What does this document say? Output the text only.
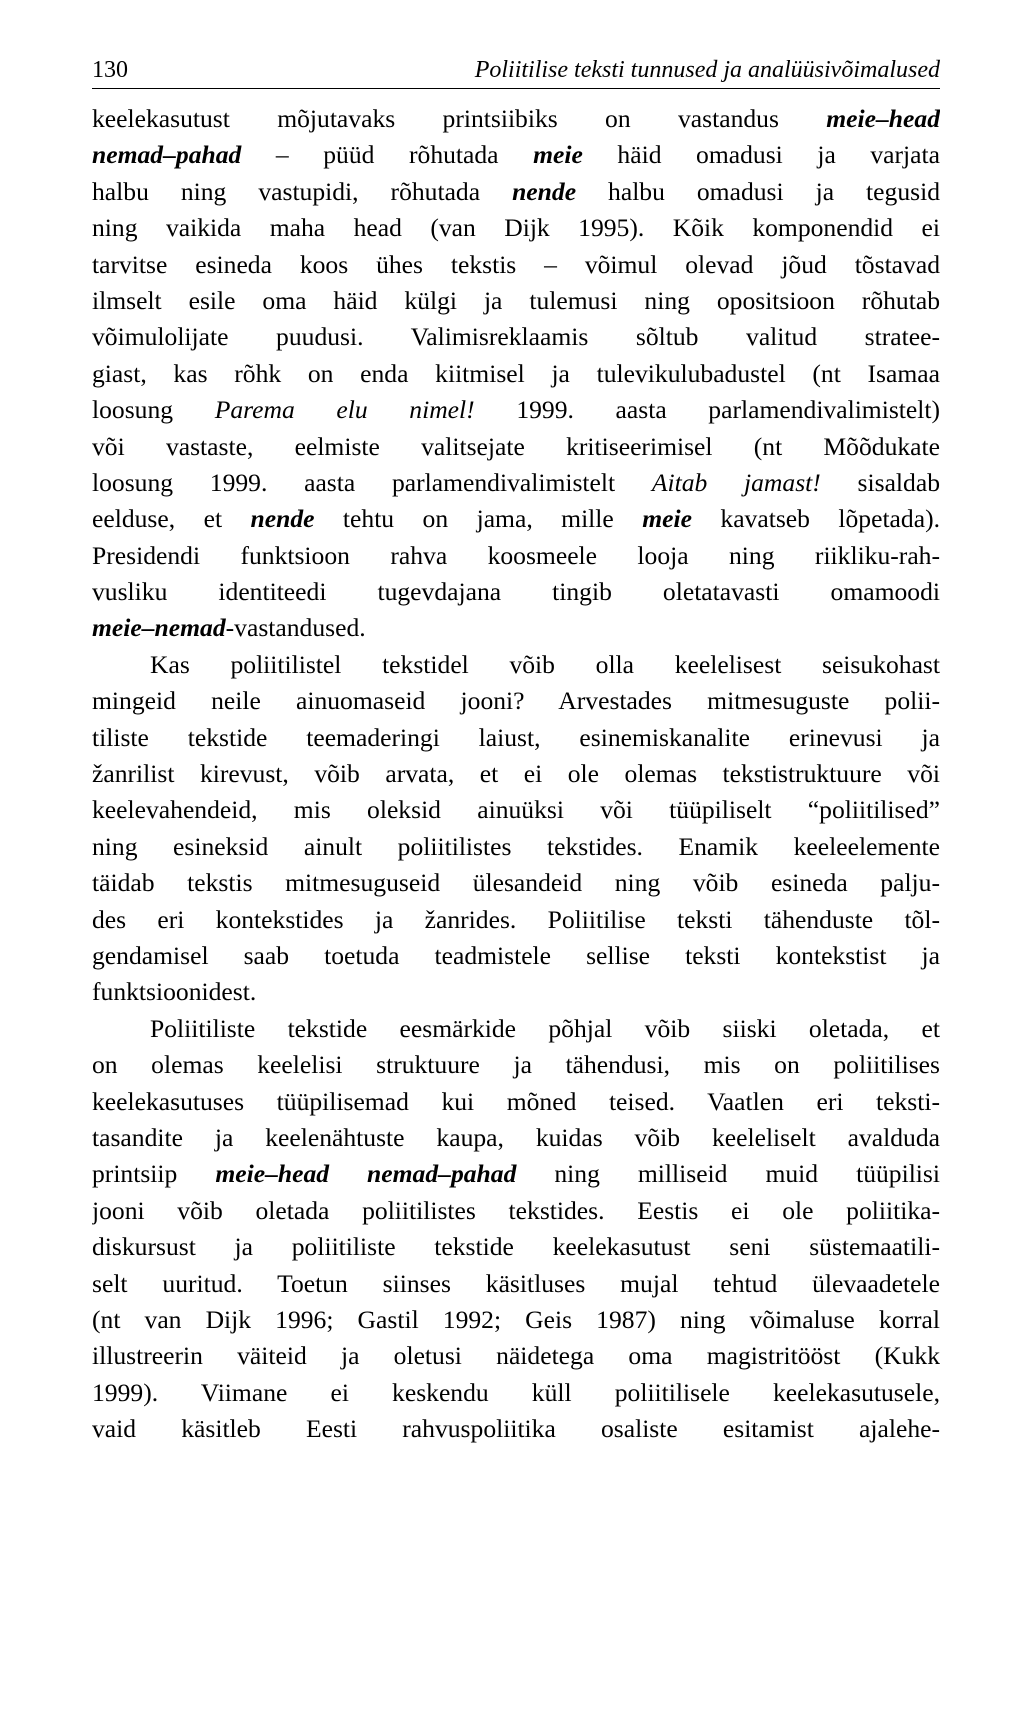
130	Poliitilise teksti tunnused ja analüüsivõimalused
keelekasutust mõjutavaks printsiibiks on vastandus meie–head
nemad–pahad – püüd rõhutada meie häid omadusi ja varjata
halbu ning vastupidi, rõhutada nende halbu omadusi ja tegusid
ning vaikida maha head (van Dijk 1995). Kõik komponendid ei
tarvitse esineda koos ühes tekstis – võimul olevad jõud tõstavad
ilmselt esile oma häid külgi ja tulemusi ning opositsioon rõhutab
võimulolijate puudusi. Valimisreklaamis sõltub valitud stratee-
giast, kas rõhk on enda kiitmisel ja tulevikulubadustel (nt Isamaa
loosung Parema elu nimel! 1999. aasta parlamendivalimistelt)
või vastaste, eelmiste valitsejate kritiseerimisel (nt Mõõdukate
loosung 1999. aasta parlamendivalimistelt Aitab jamast! sisaldab
eelduse, et nende tehtu on jama, mille meie kavatseb lõpetada).
Presidendi funktsioon rahva koosmeele looja ning riikliku-rah-
vusliku identiteedi tugevdajana tingib oletatavasti omamoodi
meie–nemad-vastandused.
Kas poliitilistel tekstidel võib olla keelelisest seisukohast
mingeid neile ainuomaseid jooni? Arvestades mitmesuguste polii-
tiliste tekstide teemaderingi laiust, esinemiskanalite erinevusi ja
žanrilist kirevust, võib arvata, et ei ole olemas tekstistruktuure või
keelevahendeid, mis oleksid ainuüksi või tüüpiliselt “poliitilised”
ning esineksid ainult poliitilistes tekstides. Enamik keeleelemente
täidab tekstis mitmesuguseid ülesandeid ning võib esineda palju-
des eri kontekstides ja žanrides. Poliitilise teksti tähenduste tõl-
gendamisel saab toetuda teadmistele sellise teksti kontekstist ja
funktsioonidest.
Poliitiliste tekstide eesmärkide põhjal võib siiski oletada, et
on olemas keelelisi struktuure ja tähendusi, mis on poliitilises
keelekasutuses tüüpilisemad kui mõned teised. Vaatlen eri teksti-
tasandite ja keelenähtuste kaupa, kuidas võib keeleliselt avalduda
printsiip meie–head nemad–pahad ning milliseid muid tüüpilisi
jooni võib oletada poliitilistes tekstides. Eestis ei ole poliitika-
diskursust ja poliitiliste tekstide keelekasutust seni süstemaatili-
selt uuritud. Toetun siinses käsitluses mujal tehtud ülevaadetele
(nt van Dijk 1996; Gastil 1992; Geis 1987) ning võimaluse korral
illustreerin väiteid ja oletusi näidetega oma magistritööst (Kukk
1999). Viimane ei keskendu küll poliitilisele keelekasutusele,
vaid käsitleb Eesti rahvuspoliitika osaliste esitamist ajalehe-
